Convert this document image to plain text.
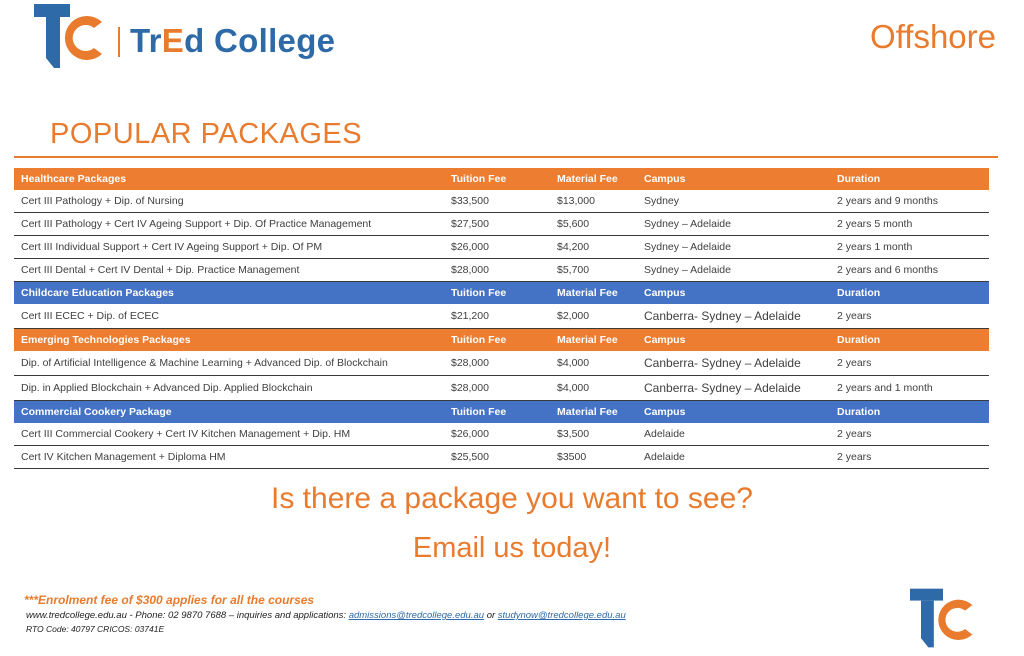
TrEd College	Offshore
POPULAR PACKAGES
Healthcare Packages	Tuition Fee	Material Fee	Campus	Duration
Cert III Pathology + Dip. of Nursing	$33,500	$13,000	Sydney	2 years and 9 months
Cert III Pathology + Cert IV Ageing Support + Dip. Of Practice Management	$27,500	$5,600	Sydney – Adelaide	2 years 5 month
Cert III Individual Support + Cert IV Ageing Support + Dip. Of PM	$26,000	$4,200	Sydney – Adelaide	2 years 1 month
Cert III Dental + Cert IV Dental + Dip. Practice Management	$28,000	$5,700	Sydney – Adelaide	2 years and 6 months
Childcare Education Packages	Tuition Fee	Material Fee	Campus	Duration
Cert III ECEC + Dip. of ECEC	$21,200	$2,000	Canberra- Sydney – Adelaide	2 years
Emerging Technologies Packages	Tuition Fee	Material Fee	Campus	Duration
Dip. of Artificial Intelligence & Machine Learning + Advanced Dip. of Blockchain	$28,000	$4,000	Canberra- Sydney – Adelaide	2 years
Dip. in Applied Blockchain + Advanced Dip. Applied Blockchain	$28,000	$4,000	Canberra- Sydney – Adelaide	2 years and 1 month
Commercial Cookery Package	Tuition Fee	Material Fee	Campus	Duration
Cert III Commercial Cookery + Cert IV Kitchen Management + Dip. HM	$26,000	$3,500	Adelaide	2 years
Cert IV Kitchen Management + Diploma HM	$25,500	$3500	Adelaide	2 years
Is there a package you want to see?
Email us today!
***Enrolment fee of $300 applies for all the courses
www.tredcollege.edu.au - Phone: 02 9870 7688 – inquiries and applications: admissions@tredcollege.edu.au or studynow@tredcollege.edu.au
RTO Code: 40797 CRICOS: 03741E
